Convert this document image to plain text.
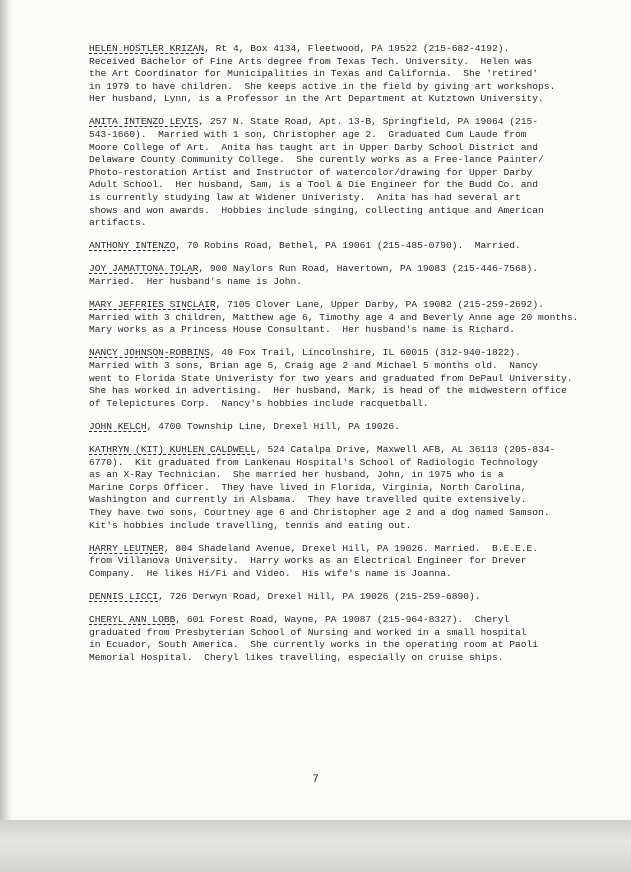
HELEN HOSTLER KRIZAN, Rt 4, Box 4134, Fleetwood, PA 19522 (215-682-4192).
Received Bachelor of Fine Arts degree from Texas Tech. University.  Helen was
the Art Coordinator for Municipalities in Texas and California.  She 'retired'
in 1979 to have children.  She keeps active in the field by giving art workshops.
Her husband, Lynn, is a Professor in the Art Department at Kutztown University.

ANITA INTENZO LEVIS, 257 N. State Road, Apt. 13-B, Springfield, PA 19064 (215-
543-1660).  Married with 1 son, Christopher age 2.  Graduated Cum Laude from
Moore College of Art.  Anita has taught art in Upper Darby School District and
Delaware County Community College.  She curently works as a Free-lance Painter/
Photo-restoration Artist and Instructor of watercolor/drawing for Upper Darby
Adult School.  Her husband, Sam, is a Tool & Die Engineer for the Budd Co. and
is currently studying law at Widener Univeristy.  Anita has had several art
shows and won awards.  Hobbies include singing, collecting antique and American
artifacts.

ANTHONY INTENZO, 70 Robins Road, Bethel, PA 19061 (215-485-0790).  Married.

JOY JAMATTONA TOLAR, 900 Naylors Run Road, Havertown, PA 19083 (215-446-7568).
Married.  Her husband's name is John.

MARY JEFFRIES SINCLAIR, 7105 Clover Lane, Upper Darby, PA 19082 (215-259-2692).
Married with 3 children, Matthew age 6, Timothy age 4 and Beverly Anne age 20 months.
Mary works as a Princess House Consultant.  Her husband's name is Richard.

NANCY JOHNSON-ROBBINS, 40 Fox Trail, Lincolnshire, IL 60015 (312-940-1822).
Married with 3 sons, Brian age 5, Craig age 2 and Michael 5 months old.  Nancy
went to Florida State Univeristy for two years and graduated from DePaul University.
She has worked in advertising.  Her husband, Mark, is head of the midwestern office
of Telepictures Corp.  Nancy's hobbies include racquetball.

JOHN KELCH, 4700 Township Line, Drexel Hill, PA 19026.

KATHRYN (KIT) KUHLEN CALDWELL, 524 Catalpa Drive, Maxwell AFB, AL 36113 (205-834-
6770).  Kit graduated from Lankenau Hospital's School of Radiologic Technology
as an X-Ray Technician.  She married her husband, John, in 1975 who is a
Marine Corps Officer.  They have lived in Florida, Virginia, North Carolina,
Washington and currently in Alsbama.  They have travelled quite extensively.
They have two sons, Courtney age 6 and Christopher age 2 and a dog named Samson.
Kit's hobbies include travelling, tennis and eating out.

HARRY LEUTNER, 804 Shadeland Avenue, Drexel Hill, PA 19026. Married.  B.E.E.E.
from Villanova University.  Harry works as an Electrical Engineer for Drever
Company.  He likes Hi/Fi and Video.  His wife's name is Joanna.

DENNIS LICCI, 726 Derwyn Road, Drexel Hill, PA 19026 (215-259-6890).

CHERYL ANN LOBB, 601 Forest Road, Wayne, PA 19087 (215-964-8327).  Cheryl
graduated from Presbyterian School of Nursing and worked in a small hospital
in Ecuador, South America.  She currently works in the operating room at Paoli
Memorial Hospital.  Cheryl likes travelling, especially on cruise ships.

7
